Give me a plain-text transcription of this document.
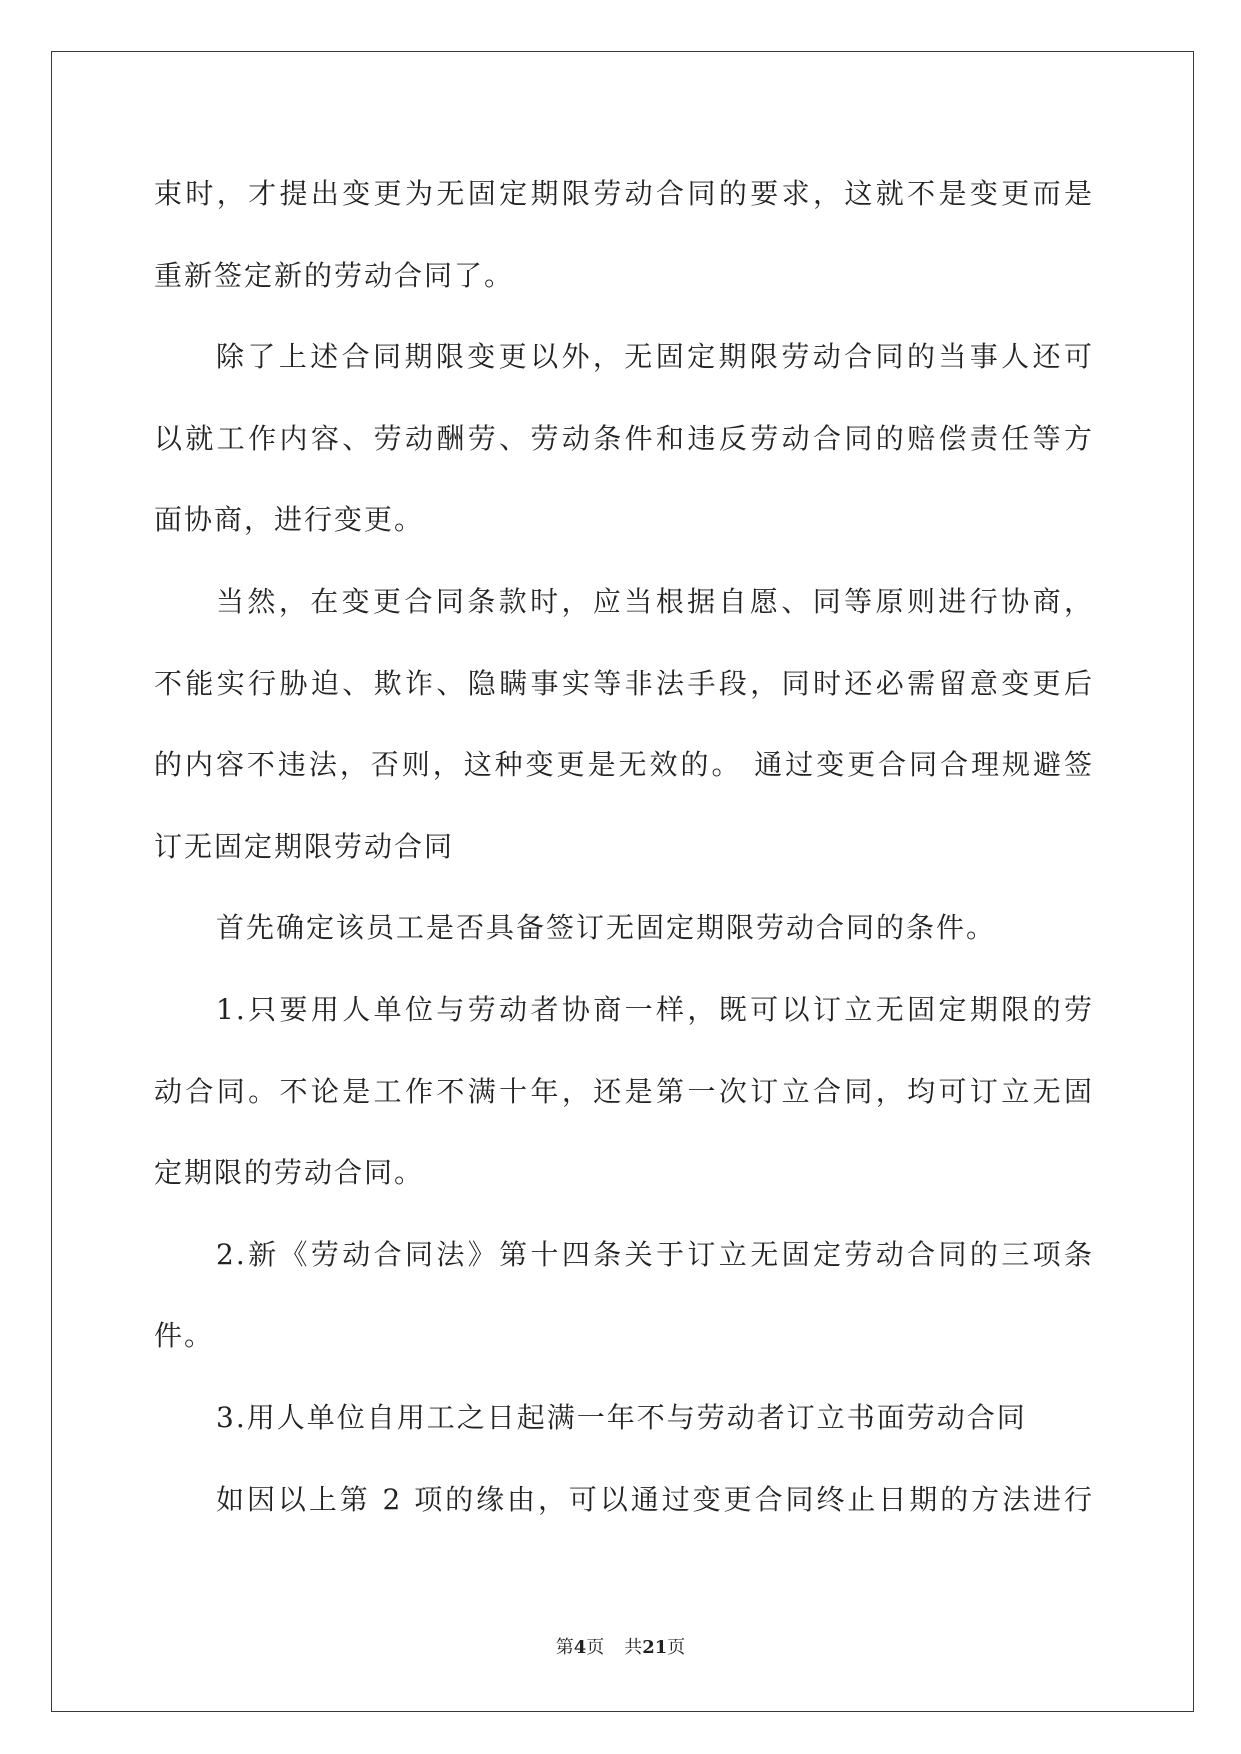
束时，才提出变更为无固定期限劳动合同的要求，这就不是变更而是
重新签定新的劳动合同了。
除了上述合同期限变更以外，无固定期限劳动合同的当事人还可
以就工作内容、劳动酬劳、劳动条件和违反劳动合同的赔偿责任等方
面协商，进行变更。
当然，在变更合同条款时，应当根据自愿、同等原则进行协商，
不能实行胁迫、欺诈、隐瞒事实等非法手段，同时还必需留意变更后
的内容不违法，否则，这种变更是无效的。 通过变更合同合理规避签
订无固定期限劳动合同
首先确定该员工是否具备签订无固定期限劳动合同的条件。
1.只要用人单位与劳动者协商一样，既可以订立无固定期限的劳
动合同。不论是工作不满十年，还是第一次订立合同，均可订立无固
定期限的劳动合同。
2.新《劳动合同法》第十四条关于订立无固定劳动合同的三项条
件。
3.用人单位自用工之日起满一年不与劳动者订立书面劳动合同
如因以上第 2 项的缘由，可以通过变更合同终止日期的方法进行
第4页 共21页
